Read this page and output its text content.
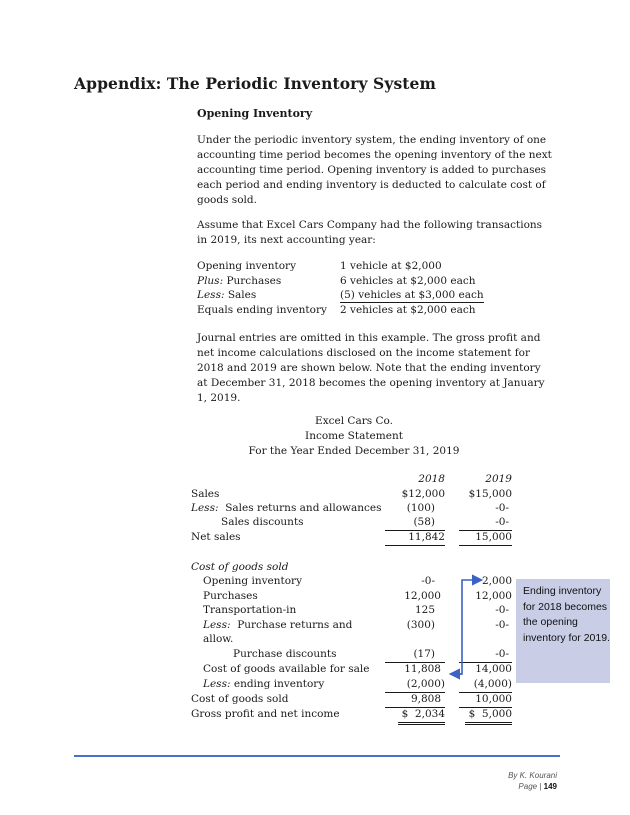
Appendix: The Periodic Inventory System
Opening Inventory
Under the periodic inventory system, the ending inventory of one accounting time period becomes the opening inventory of the next accounting time period. Opening inventory is added to purchases each period and ending inventory is deducted to calculate cost of goods sold.
Assume that Excel Cars Company had the following transactions in 2019, its next accounting year:
Opening inventory	1 vehicle at $2,000
Plus: Purchases	6 vehicles at $2,000 each
Less: Sales	(5) vehicles at $3,000 each
Equals ending inventory	2 vehicles at $2,000 each
Journal entries are omitted in this example. The gross profit and net income calculations disclosed on the income statement for 2018 and 2019 are shown below. Note that the ending inventory at December 31, 2018 becomes the opening inventory at January 1, 2019.
Excel Cars Co.
Income Statement
For the Year Ended December 31, 2019
2018	2019
Sales	$12,000	$15,000
Less:  Sales returns and allowances	(100)	-0-
Sales discounts	(58)	-0-
Net sales	11,842	15,000
Cost of goods sold
Opening inventory	-0-	2,000
Purchases	12,000	12,000
Transportation-in	125	-0-
Less:  Purchase returns and	(300)	-0-
allow.
Purchase discounts	(17)	-0-
Cost of goods available for sale	11,808	14,000
Less: ending inventory	(2,000)	(4,000)
Cost of goods sold	9,808	10,000
Gross profit and net income	$  2,034	$  5,000
Ending inventory for 2018 becomes the opening inventory for 2019.
By K. Kourani
Page | 149
